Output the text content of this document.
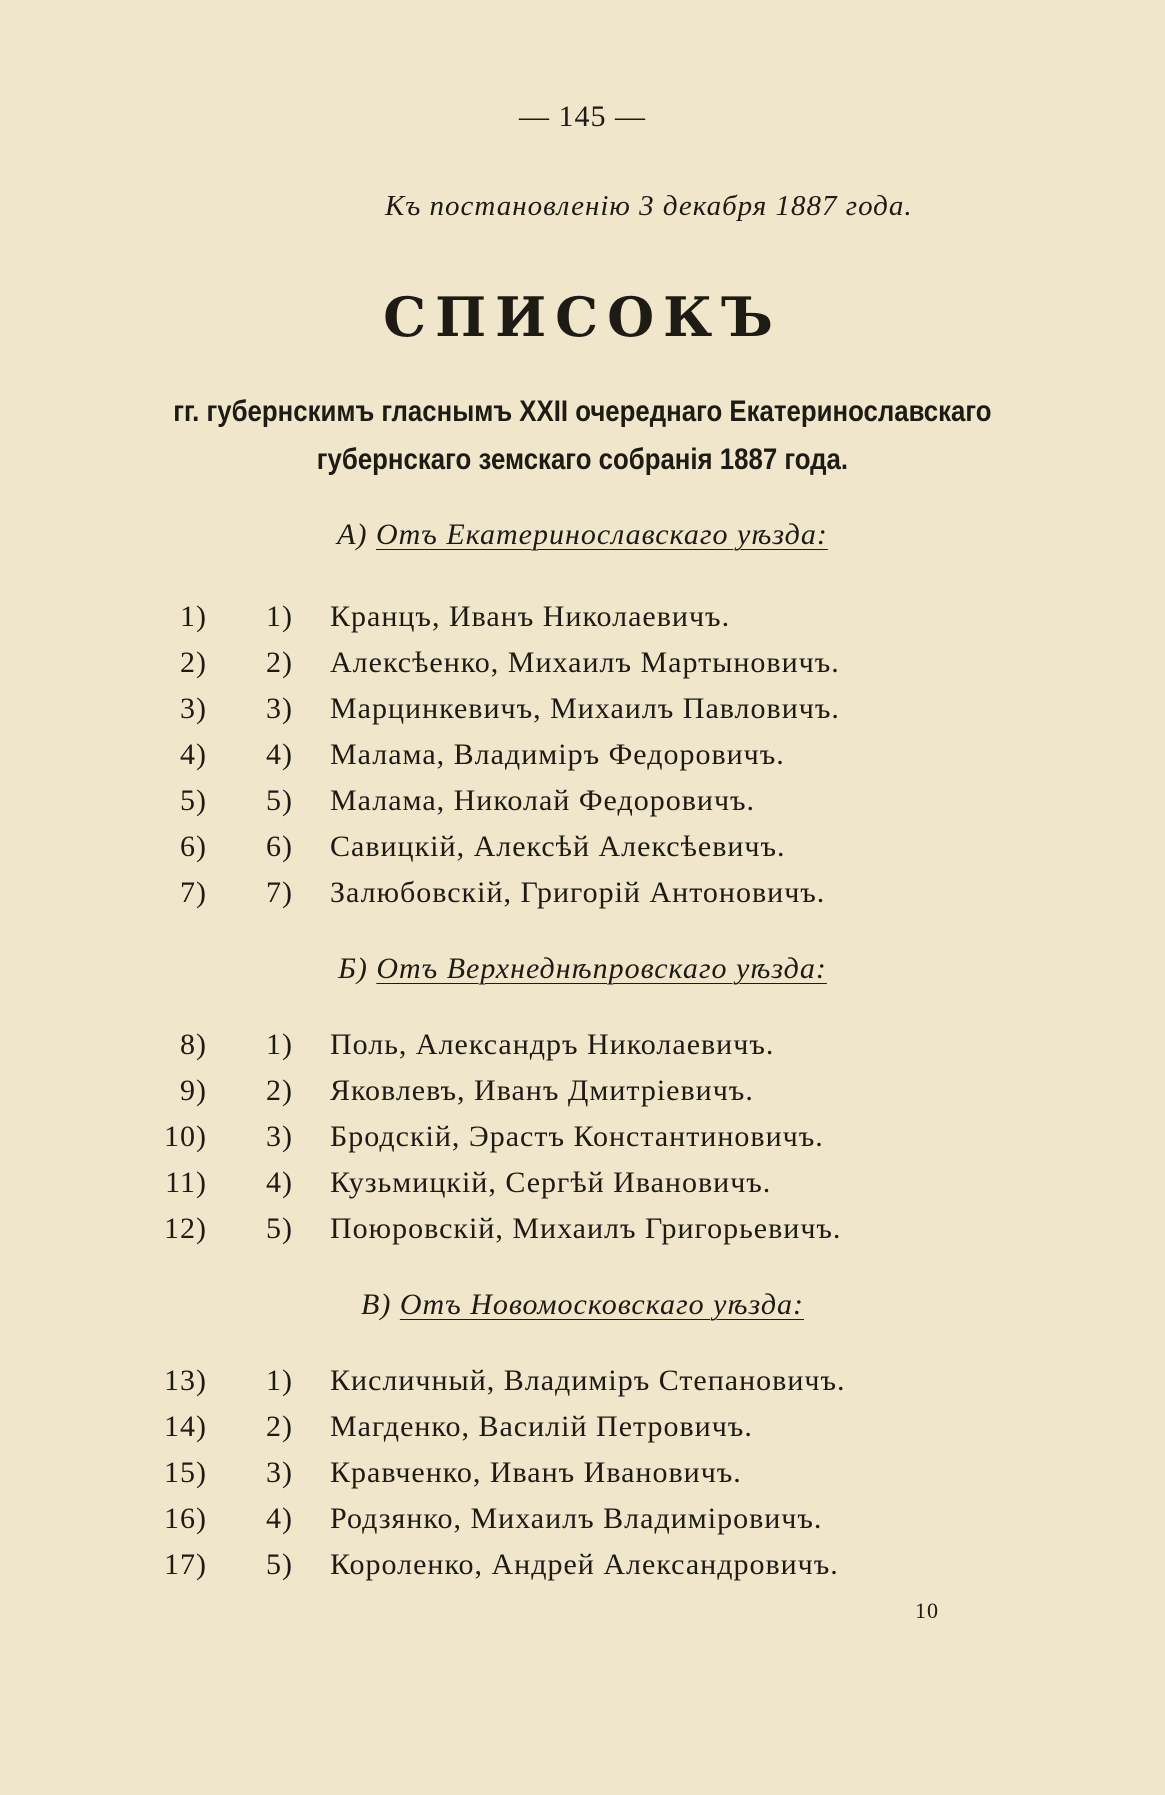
— 145 —
Къ постановленію 3 декабря 1887 года.
СПИСОКЪ
гг. губернскимъ гласнымъ XXII очереднаго Екатеринославскаго
губернскаго земскаго собранія 1887 года.
А) Отъ Екатеринославскаго уѣзда:
1) 1) Кранцъ, Иванъ Николаевичъ.
2) 2) Алексѣенко, Михаилъ Мартыновичъ.
3) 3) Марцинкевичъ, Михаилъ Павловичъ.
4) 4) Малама, Владиміръ Федоровичъ.
5) 5) Малама, Николай Федоровичъ.
6) 6) Савицкій, Алексѣй Алексѣевичъ.
7) 7) Залюбовскій, Григорій Антоновичъ.
Б) Отъ Верхнеднѣпровскаго уѣзда:
8) 1) Поль, Александръ Николаевичъ.
9) 2) Яковлевъ, Иванъ Дмитріевичъ.
10) 3) Бродскій, Эрастъ Константиновичъ.
11) 4) Кузьмицкій, Сергѣй Ивановичъ.
12) 5) Поюровскій, Михаилъ Григорьевичъ.
В) Отъ Новомосковскаго уѣзда:
13) 1) Кисличный, Владиміръ Степановичъ.
14) 2) Магденко, Василій Петровичъ.
15) 3) Кравченко, Иванъ Ивановичъ.
16) 4) Родзянко, Михаилъ Владиміровичъ.
17) 5) Короленко, Андрей Александровичъ.
10
